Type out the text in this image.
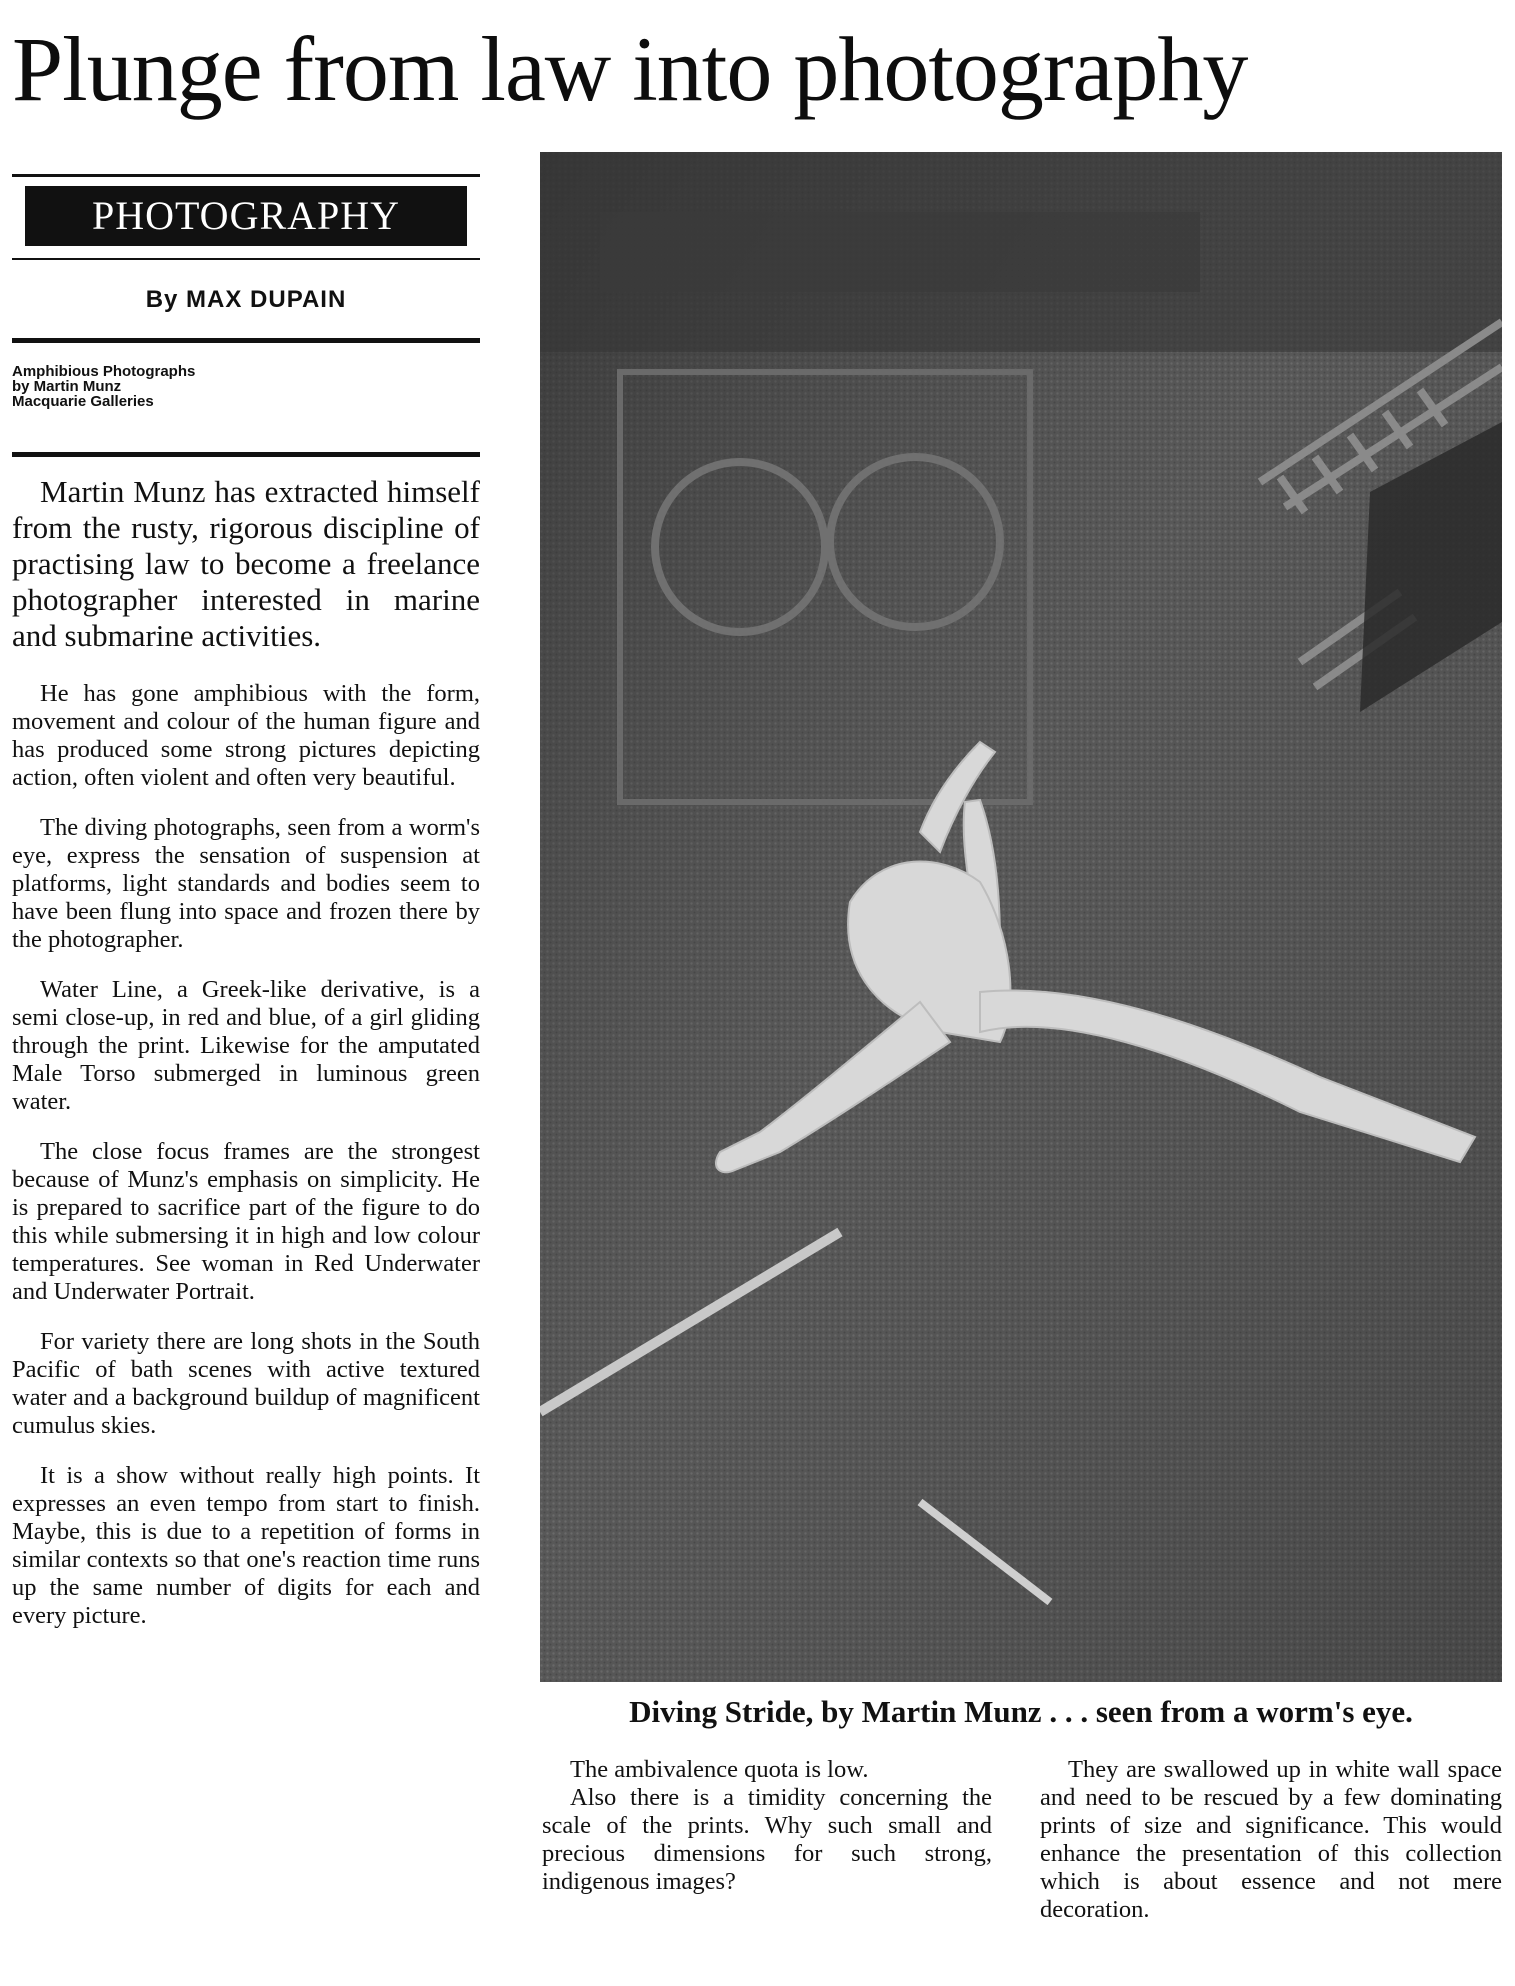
Plunge from law into photography
PHOTOGRAPHY
By MAX DUPAIN
Amphibious Photographs
by Martin Munz
Macquarie Galleries

Martin Munz has extracted himself from the rusty, rigorous discipline of practising law to become a freelance photographer interested in marine and submarine activities.

He has gone amphibious with the form, movement and colour of the human figure and has produced some strong pictures depicting action, often violent and often very beautiful.

The diving photographs, seen from a worm's eye, express the sensation of suspension at platforms, light standards and bodies seem to have been flung into space and frozen there by the photographer.

Water Line, a Greek-like derivative, is a semi close-up, in red and blue, of a girl gliding through the print. Likewise for the amputated Male Torso submerged in luminous green water.

The close focus frames are the strongest because of Munz's emphasis on simplicity. He is prepared to sacrifice part of the figure to do this while submersing it in high and low colour temperatures. See woman in Red Underwater and Underwater Portrait.

For variety there are long shots in the South Pacific of bath scenes with active textured water and a background buildup of magnificent cumulus skies.

It is a show without really high points. It expresses an even tempo from start to finish. Maybe, this is due to a repetition of forms in similar contexts so that one's reaction time runs up the same number of digits for each and every picture.

Diving Stride, by Martin Munz . . . seen from a worm's eye.

The ambivalence quota is low.

Also there is a timidity concerning the scale of the prints. Why such small and precious dimensions for such strong, indigenous images?

They are swallowed up in white wall space and need to be rescued by a few dominating prints of size and significance. This would enhance the presentation of this collection which is about essence and not mere decoration.
